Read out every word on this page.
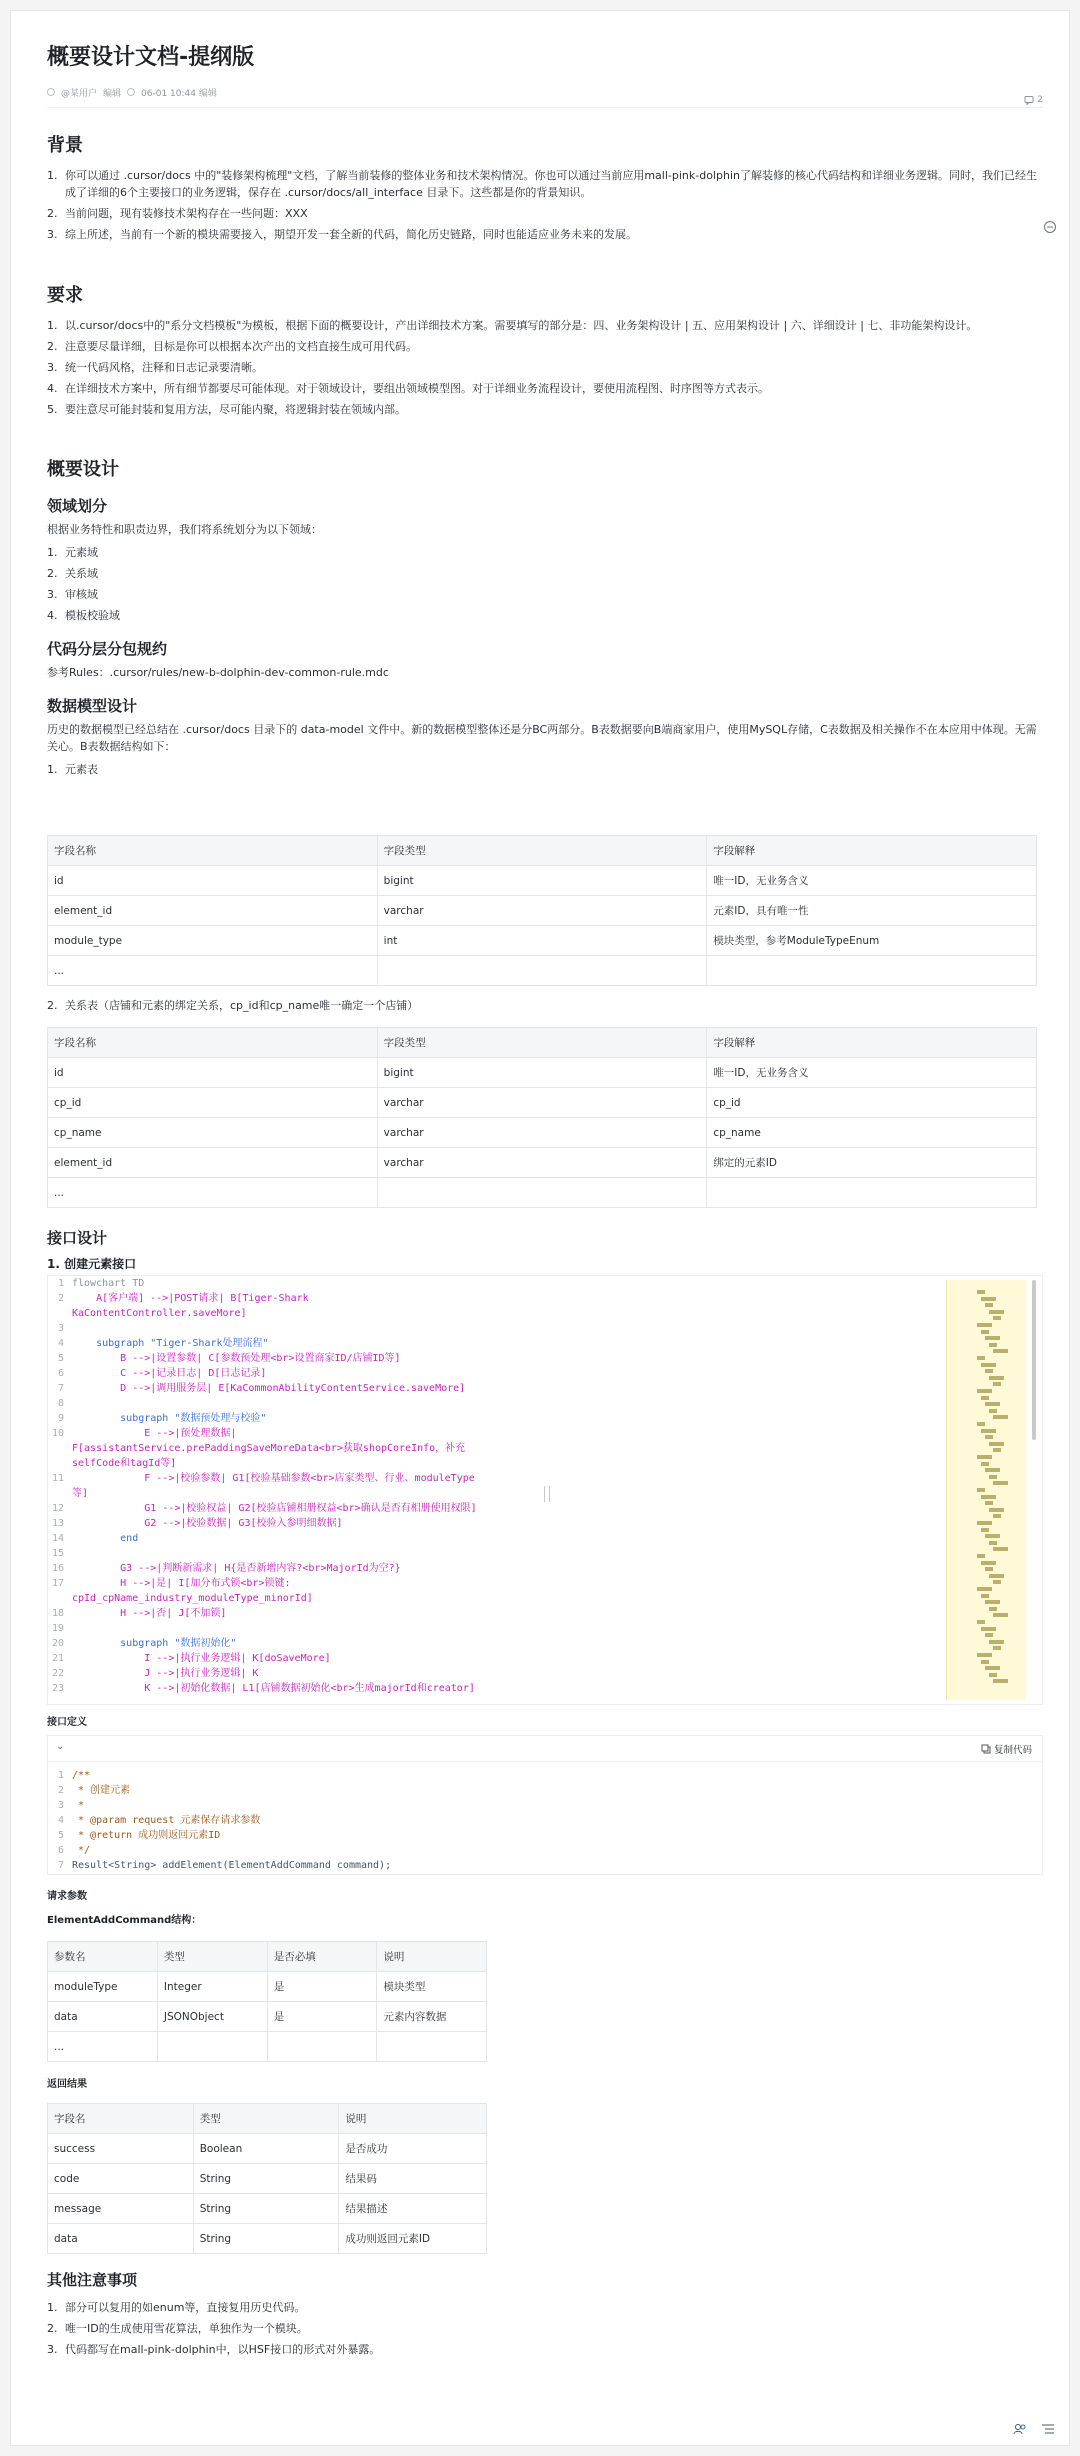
概要设计文档-提纲版
@某用户 编辑 06-01 10:44 编辑
2
背景
1. 你可以通过 .cursor/docs 中的"装修架构梳理"文档，了解当前装修的整体业务和技术架构情况。你也可以通过当前应用mall-pink-dolphin了解装修的核心代码结构和详细业务逻辑。同时，我们已经生成了详细的6个主要接口的业务逻辑，保存在 .cursor/docs/all_interface 目录下。这些都是你的背景知识。
2. 当前问题，现有装修技术架构存在一些问题：XXX
3. 综上所述，当前有一个新的模块需要接入，期望开发一套全新的代码，简化历史链路，同时也能适应业务未来的发展。
要求
1. 以.cursor/docs中的"系分文档模板"为模板，根据下面的概要设计，产出详细技术方案。需要填写的部分是：四、业务架构设计 | 五、应用架构设计 | 六、详细设计 | 七、非功能架构设计。
2. 注意要尽量详细，目标是你可以根据本次产出的文档直接生成可用代码。
3. 统一代码风格，注释和日志记录要清晰。
4. 在详细技术方案中，所有细节都要尽可能体现。对于领域设计，要组出领域模型图。对于详细业务流程设计，要使用流程图、时序图等方式表示。
5. 要注意尽可能封装和复用方法，尽可能内聚，将逻辑封装在领域内部。
概要设计
领域划分

根据业务特性和职责边界，我们将系统划分为以下领域：

1. 元素域
2. 关系域
3. 审核域
4. 模板校验域
代码分层分包规约

参考Rules：.cursor/rules/new-b-dolphin-dev-common-rule.mdc

数据模型设计

历史的数据模型已经总结在 .cursor/docs 目录下的 data-model 文件中。新的数据模型整体还是分BC两部分。B表数据要向B端商家用户，使用MySQL存储，C表数据及相关操作不在本应用中体现。无需关心。B表数据结构如下：

1. 元素表
字段名称	字段类型	字段解释
id	bigint	唯一ID，无业务含义
element_id	varchar	元素ID，具有唯一性
module_type	int	模块类型，参考ModuleTypeEnum
...		
2. 关系表（店铺和元素的绑定关系，cp_id和cp_name唯一确定一个店铺）
字段名称	字段类型	字段解释
id	bigint	唯一ID，无业务含义
cp_id	varchar	cp_id
cp_name	varchar	cp_name
element_id	varchar	绑定的元素ID
...		
接口设计
1. 创建元素接口
1 flowchart TD
2    A[客户端] -->|POST请求| B[Tiger-Shark
KaContentController.saveMore]
3
4    subgraph "Tiger-Shark处理流程"
5        B -->|设置参数| C[参数预处理<br>设置商家ID/店铺ID等]
6        C -->|记录日志| D[日志记录]
7        D -->|调用服务层| E[KaCommonAbilityContentService.saveMore]
8
9        subgraph "数据预处理与校验"
10            E -->|预处理数据|
F[assistantService.prePaddingSaveMoreData<br>获取shopCoreInfo，补充
selfCode和tagId等]
11            F -->|校验参数| G1[校验基础参数<br>店家类型、行业、moduleType
等]
12            G1 -->|校验权益| G2[校验店铺相册权益<br>确认是否有相册使用权限]
13            G2 -->|校验数据| G3[校验入参明细数据]
14        end
15
16        G3 -->|判断新需求| H{是否新增内容?<br>MajorId为空?}
17        H -->|是| I[加分布式锁<br>锁键:
cpId_cpName_industry_moduleType_minorId]
18        H -->|否| J[不加锁]
19
20        subgraph "数据初始化"
21            I -->|执行业务逻辑| K[doSaveMore]
22            J -->|执行业务逻辑| K
23            K -->|初始化数据| L1[店铺数据初始化<br>生成majorId和creator]
接口定义
⌄	复制代码
1 /**
2 * 创建元素
3 *
4 * @param request 元素保存请求参数
5 * @return 成功则返回元素ID
6 */
7 Result<String> addElement(ElementAddCommand command);
请求参数
ElementAddCommand结构：
参数名	类型	是否必填	说明
moduleType	Integer	是	模块类型
data	JSONObject	是	元素内容数据
...			
返回结果
字段名	类型	说明
success	Boolean	是否成功
code	String	结果码
message	String	结果描述
data	String	成功则返回元素ID
其他注意事项
1. 部分可以复用的如enum等，直接复用历史代码。
2. 唯一ID的生成使用雪花算法，单独作为一个模块。
3. 代码都写在mall-pink-dolphin中，以HSF接口的形式对外暴露。
